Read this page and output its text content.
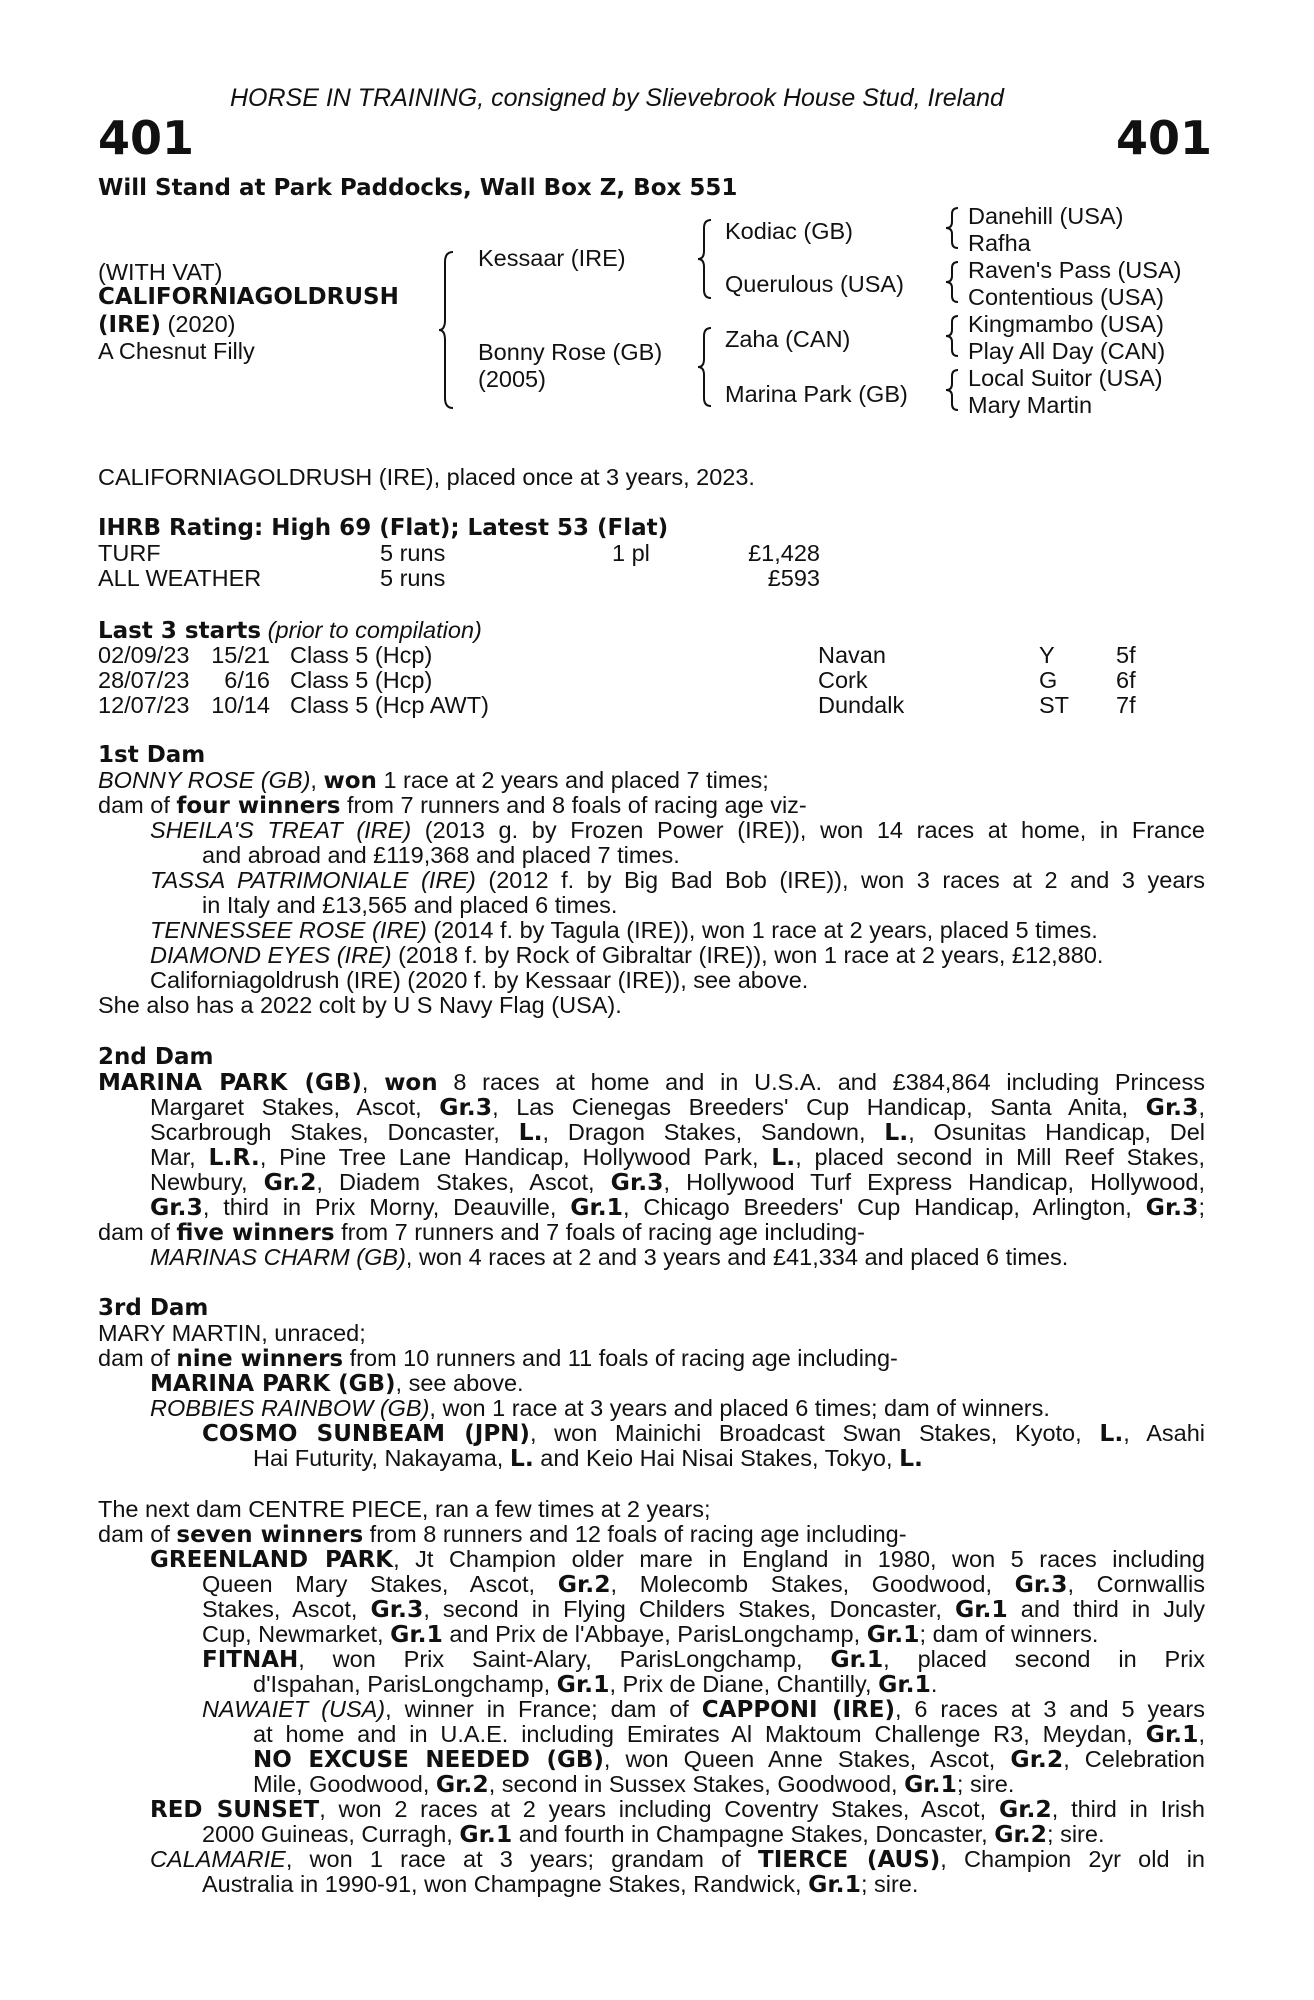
HORSE IN TRAINING, consigned by Slievebrook House Stud, Ireland
401	401
Will Stand at Park Paddocks, Wall Box Z, Box 551
(WITH VAT)
CALIFORNIAGOLDRUSH
(IRE) (2020)
A Chesnut Filly
Kessaar (IRE)
Bonny Rose (GB)
(2005)
Kodiac (GB)
Querulous (USA)
Zaha (CAN)
Marina Park (GB)
Danehill (USA)
Rafha
Raven's Pass (USA)
Contentious (USA)
Kingmambo (USA)
Play All Day (CAN)
Local Suitor (USA)
Mary Martin
CALIFORNIAGOLDRUSH (IRE), placed once at 3 years, 2023.
IHRB Rating: High 69 (Flat); Latest 53 (Flat)
TURF	5 runs	1 pl	£1,428
ALL WEATHER	5 runs	£593
Last 3 starts (prior to compilation)
02/09/23 15/21 Class 5 (Hcp)	Navan	Y	5f
28/07/23	6/16 Class 5 (Hcp)	Cork	G 6f
12/07/23 10/14 Class 5 (Hcp AWT)	Dundalk	ST 7f
1st Dam
BONNY ROSE (GB), won 1 race at 2 years and placed 7 times;
dam of four winners from 7 runners and 8 foals of racing age viz-
SHEILA'S TREAT (IRE) (2013 g. by Frozen Power (IRE)), won 14 races at home, in France
and abroad and £119,368 and placed 7 times.
TASSA PATRIMONIALE (IRE) (2012 f. by Big Bad Bob (IRE)), won 3 races at 2 and 3 years
in Italy and £13,565 and placed 6 times.
TENNESSEE ROSE (IRE) (2014 f. by Tagula (IRE)), won 1 race at 2 years, placed 5 times.
DIAMOND EYES (IRE) (2018 f. by Rock of Gibraltar (IRE)), won 1 race at 2 years, £12,880.
Californiagoldrush (IRE) (2020 f. by Kessaar (IRE)), see above.
She also has a 2022 colt by U S Navy Flag (USA).
2nd Dam
MARINA PARK (GB), won 8 races at home and in U.S.A. and £384,864 including Princess
Margaret Stakes, Ascot, Gr.3, Las Cienegas Breeders' Cup Handicap, Santa Anita, Gr.3,
Scarbrough Stakes, Doncaster, L., Dragon Stakes, Sandown, L., Osunitas Handicap, Del
Mar, L.R., Pine Tree Lane Handicap, Hollywood Park, L., placed second in Mill Reef Stakes,
Newbury, Gr.2, Diadem Stakes, Ascot, Gr.3, Hollywood Turf Express Handicap, Hollywood,
Gr.3, third in Prix Morny, Deauville, Gr.1, Chicago Breeders' Cup Handicap, Arlington, Gr.3;
dam of five winners from 7 runners and 7 foals of racing age including-
MARINAS CHARM (GB), won 4 races at 2 and 3 years and £41,334 and placed 6 times.
3rd Dam
MARY MARTIN, unraced;
dam of nine winners from 10 runners and 11 foals of racing age including-
MARINA PARK (GB), see above.
ROBBIES RAINBOW (GB), won 1 race at 3 years and placed 6 times; dam of winners.
COSMO SUNBEAM (JPN), won Mainichi Broadcast Swan Stakes, Kyoto, L., Asahi
Hai Futurity, Nakayama, L. and Keio Hai Nisai Stakes, Tokyo, L.
The next dam CENTRE PIECE, ran a few times at 2 years;
dam of seven winners from 8 runners and 12 foals of racing age including-
GREENLAND PARK, Jt Champion older mare in England in 1980, won 5 races including
Queen Mary Stakes, Ascot, Gr.2, Molecomb Stakes, Goodwood, Gr.3, Cornwallis
Stakes, Ascot, Gr.3, second in Flying Childers Stakes, Doncaster, Gr.1 and third in July
Cup, Newmarket, Gr.1 and Prix de l'Abbaye, ParisLongchamp, Gr.1; dam of winners.
FITNAH, won Prix Saint-Alary, ParisLongchamp, Gr.1, placed second in Prix
d'Ispahan, ParisLongchamp, Gr.1, Prix de Diane, Chantilly, Gr.1.
NAWAIET (USA), winner in France; dam of CAPPONI (IRE), 6 races at 3 and 5 years
at home and in U.A.E. including Emirates Al Maktoum Challenge R3, Meydan, Gr.1,
NO EXCUSE NEEDED (GB), won Queen Anne Stakes, Ascot, Gr.2, Celebration
Mile, Goodwood, Gr.2, second in Sussex Stakes, Goodwood, Gr.1; sire.
RED SUNSET, won 2 races at 2 years including Coventry Stakes, Ascot, Gr.2, third in Irish
2000 Guineas, Curragh, Gr.1 and fourth in Champagne Stakes, Doncaster, Gr.2; sire.
CALAMARIE, won 1 race at 3 years; grandam of TIERCE (AUS), Champion 2yr old in
Australia in 1990-91, won Champagne Stakes, Randwick, Gr.1; sire.
